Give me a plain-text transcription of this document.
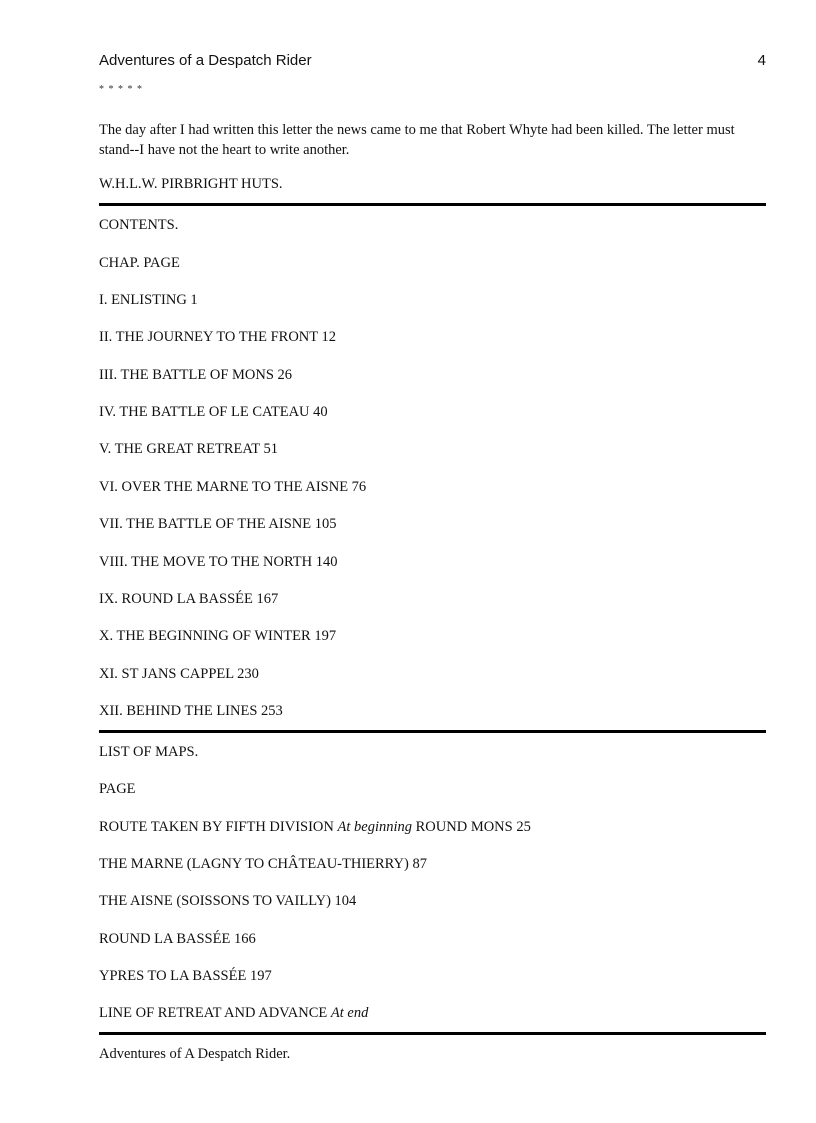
Adventures of a Despatch Rider	4
* * * * *
The day after I had written this letter the news came to me that Robert Whyte had been killed. The letter must stand--I have not the heart to write another.
W.H.L.W. PIRBRIGHT HUTS.
CONTENTS.
CHAP. PAGE
I. ENLISTING 1
II. THE JOURNEY TO THE FRONT 12
III. THE BATTLE OF MONS 26
IV. THE BATTLE OF LE CATEAU 40
V. THE GREAT RETREAT 51
VI. OVER THE MARNE TO THE AISNE 76
VII. THE BATTLE OF THE AISNE 105
VIII. THE MOVE TO THE NORTH 140
IX. ROUND LA BASSÉE 167
X. THE BEGINNING OF WINTER 197
XI. ST JANS CAPPEL 230
XII. BEHIND THE LINES 253
LIST OF MAPS.
PAGE
ROUTE TAKEN BY FIFTH DIVISION At beginning ROUND MONS 25
THE MARNE (LAGNY TO CHÂTEAU-THIERRY) 87
THE AISNE (SOISSONS TO VAILLY) 104
ROUND LA BASSÉE 166
YPRES TO LA BASSÉE 197
LINE OF RETREAT AND ADVANCE At end
Adventures of A Despatch Rider.
